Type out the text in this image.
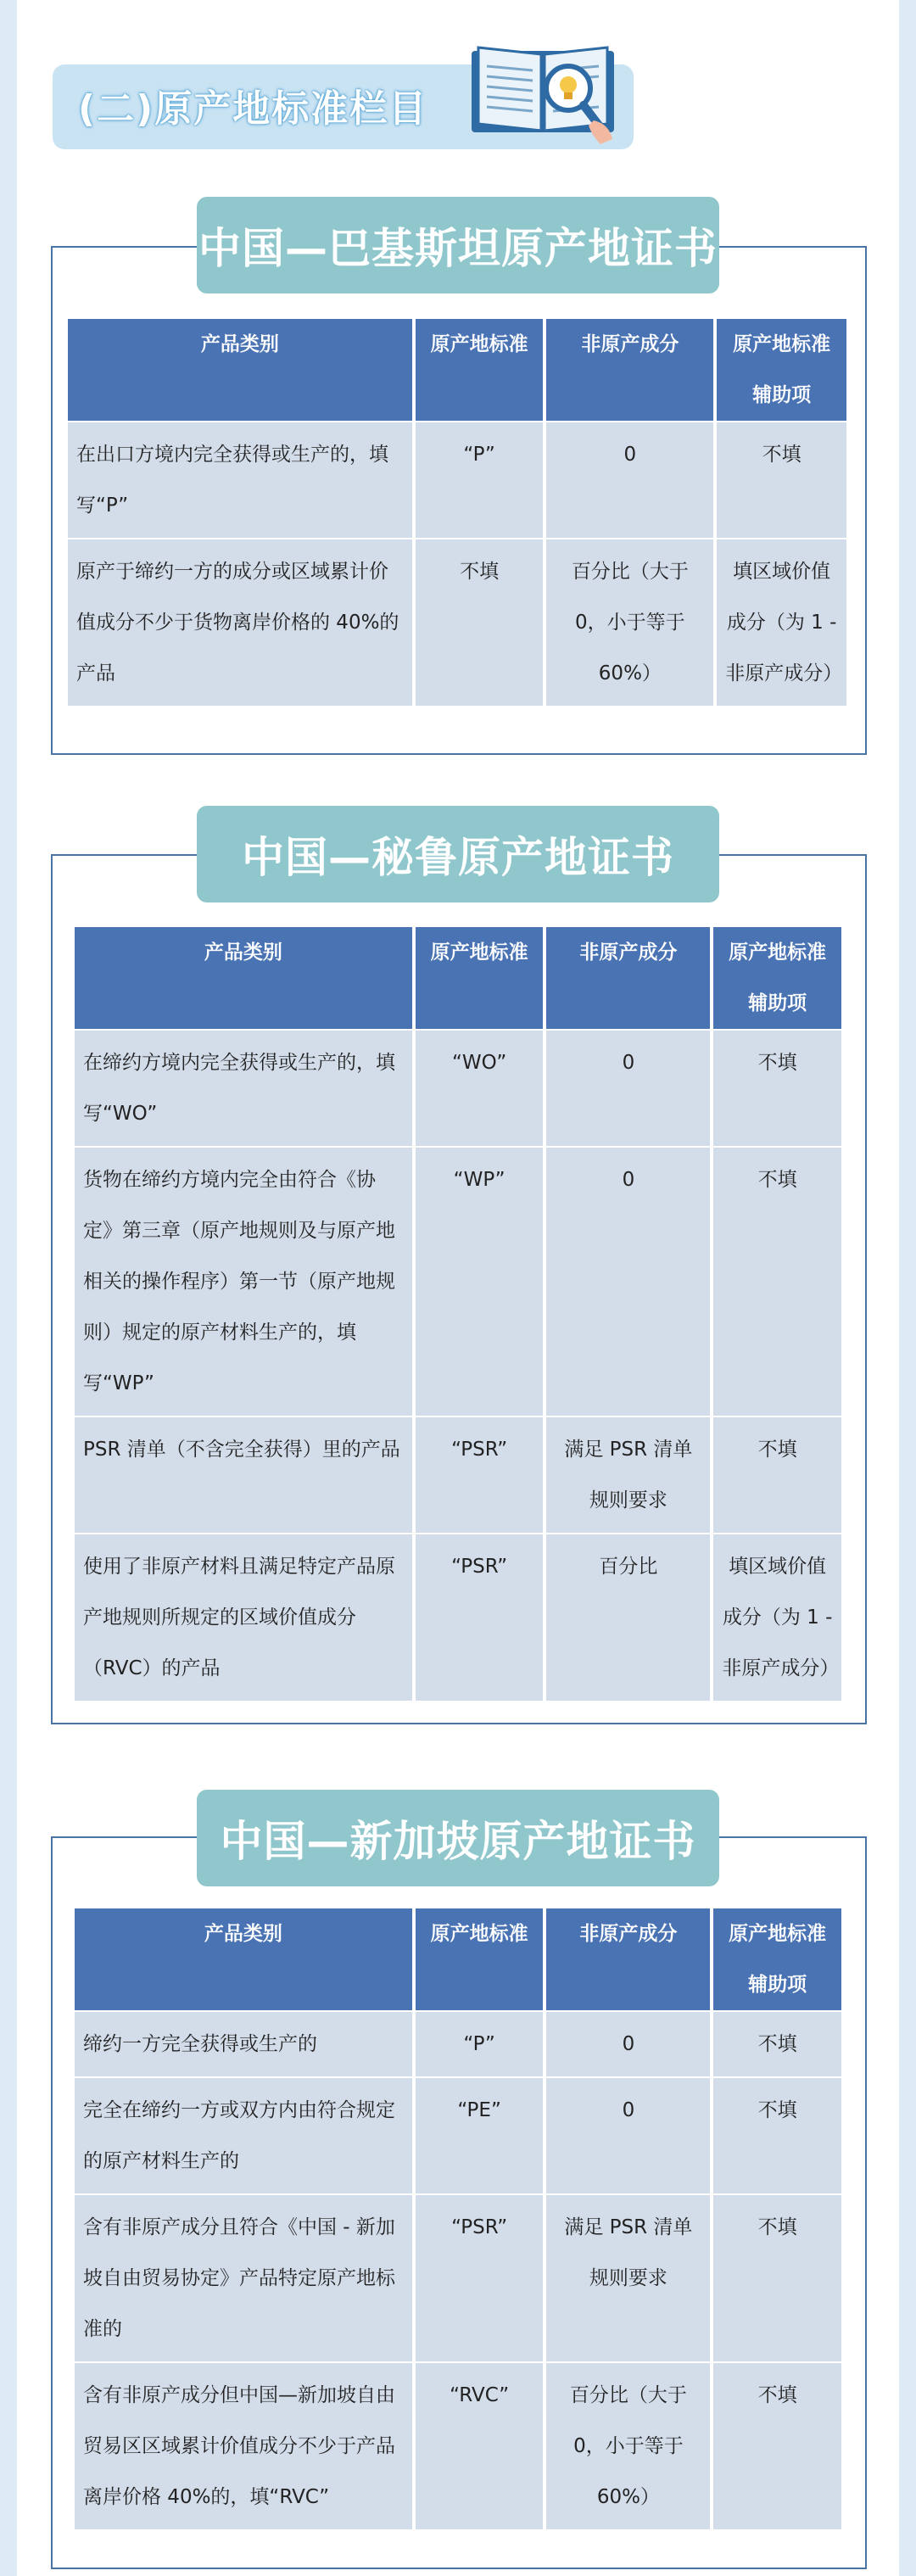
(二)原产地标准栏目
中国—巴基斯坦原产地证书
产品类别	原产地标准	非原产成分	原产地标准辅助项
在出口方境内完全获得或生产的，填写“P”	“P”	0	不填
原产于缔约一方的成分或区域累计价值成分不少于货物离岸价格的 40%的产品	不填	百分比（大于 0，小于等于 60%）	填区域价值成分（为 1 - 非原产成分）
中国—秘鲁原产地证书
产品类别	原产地标准	非原产成分	原产地标准辅助项
在缔约方境内完全获得或生产的，填写“WO”	“WO”	0	不填
货物在缔约方境内完全由符合《协定》第三章（原产地规则及与原产地相关的操作程序）第一节（原产地规则）规定的原产材料生产的，填写“WP”	“WP”	0	不填
PSR 清单（不含完全获得）里的产品	“PSR”	满足 PSR 清单规则要求	不填
使用了非原产材料且满足特定产品原产地规则所规定的区域价值成分（RVC）的产品	“PSR”	百分比	填区域价值成分（为 1 - 非原产成分）
中国—新加坡原产地证书
产品类别	原产地标准	非原产成分	原产地标准辅助项
缔约一方完全获得或生产的	“P”	0	不填
完全在缔约一方或双方内由符合规定的原产材料生产的	“PE”	0	不填
含有非原产成分且符合《中国 - 新加坡自由贸易协定》产品特定原产地标准的	“PSR”	满足 PSR 清单规则要求	不填
含有非原产成分但中国—新加坡自由贸易区区域累计价值成分不少于产品离岸价格 40%的，填“RVC”	“RVC”	百分比（大于 0，小于等于 60%）	不填
